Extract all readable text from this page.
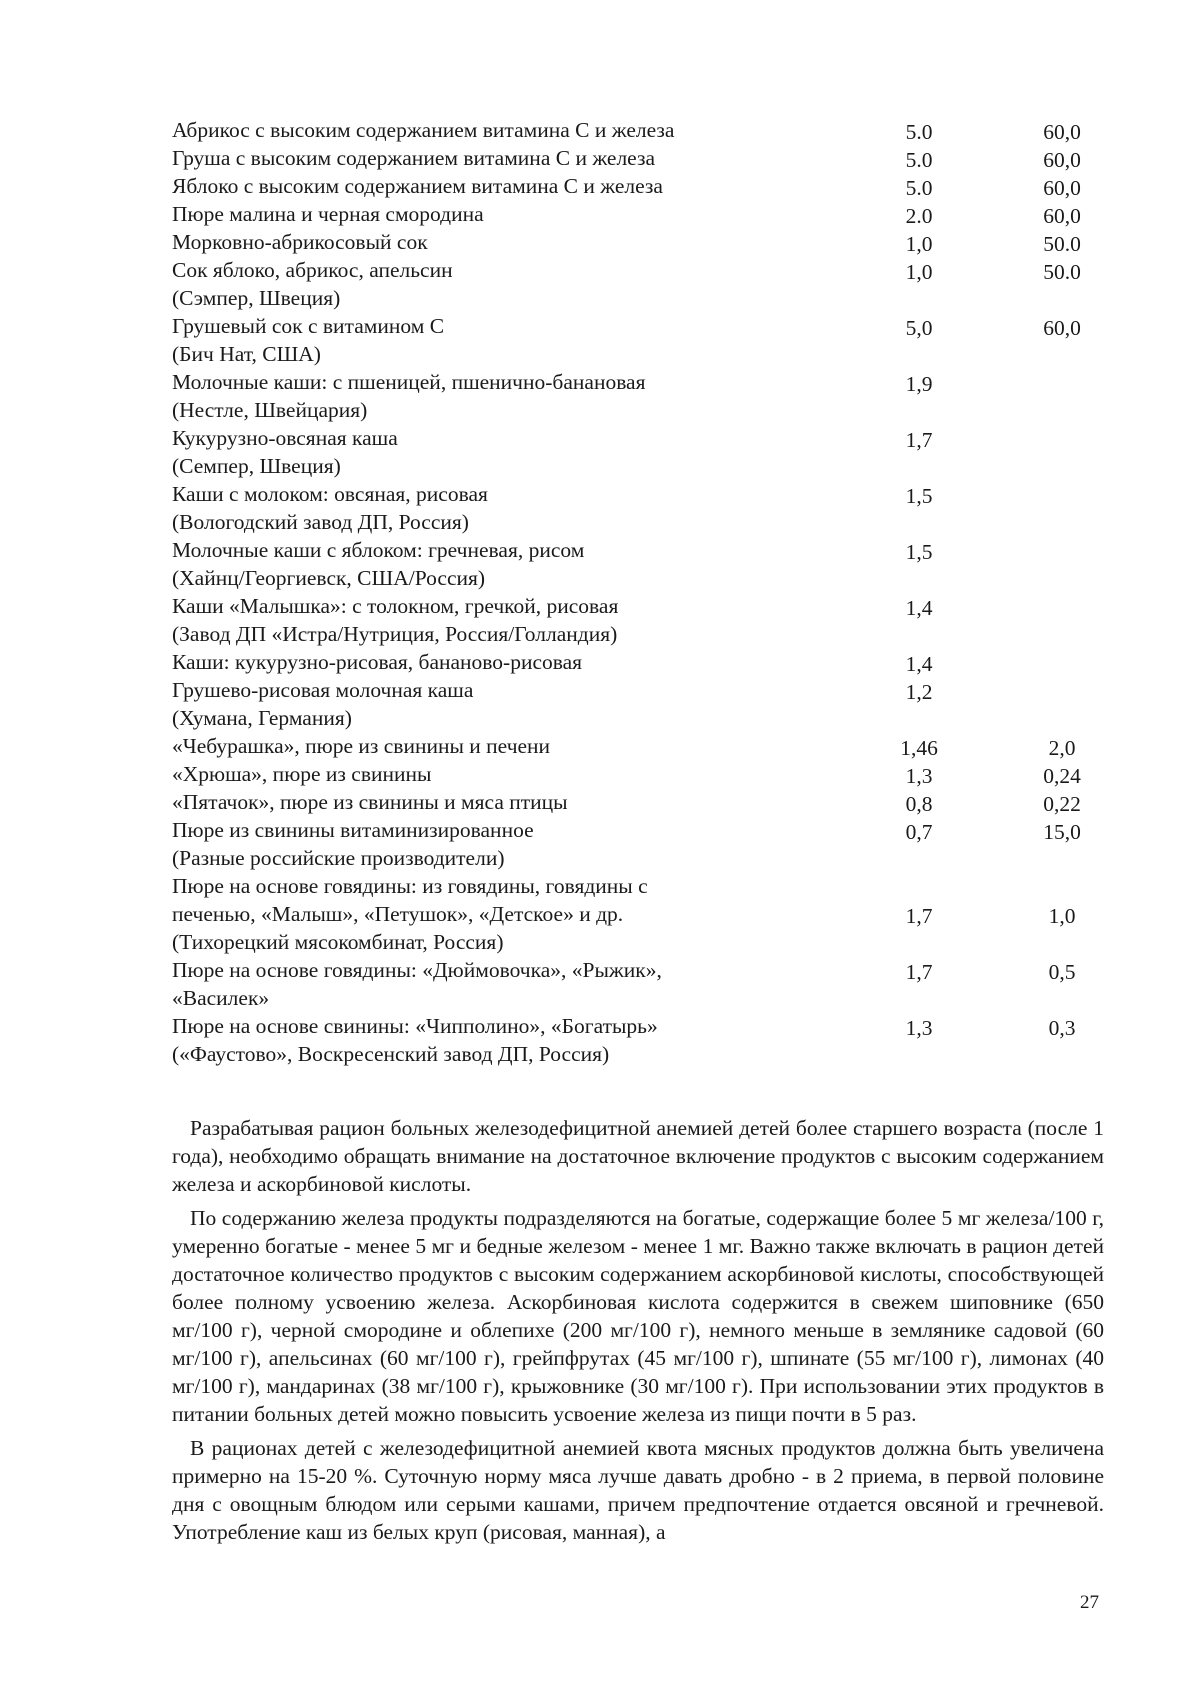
Абрикос с высоким содержанием витамина С и железа	5.0	60,0
Груша с высоким содержанием витамина С и железа	5.0	60,0
Яблоко с высоким содержанием витамина С и железа	5.0	60,0
Пюре малина и черная смородина	2.0	60,0
Морковно-абрикосовый сок	1,0	50.0
Сок яблоко, абрикос, апельсин
(Сэмпер, Швеция)
1,0	50.0
Грушевый сок с витамином С
(Бич Нат, США)
5,0	60,0
Молочные каши: с пшеницей, пшенично-банановая
(Нестле, Швейцария)
1,9
Кукурузно-овсяная каша
(Семпер, Швеция)
1,7
Каши с молоком: овсяная, рисовая
(Вологодский завод ДП, Россия)
1,5
Молочные каши с яблоком: гречневая, рисом
(Хайнц/Георгиевск, США/Россия)
1,5
Каши «Малышка»: с толокном, гречкой, рисовая
(Завод ДП «Истра/Нутриция, Россия/Голландия)
1,4
Каши: кукурузно-рисовая, бананово-рисовая	1,4
Грушево-рисовая молочная каша
(Хумана, Германия)
1,2
«Чебурашка», пюре из свинины и печени	1,46	2,0
«Хрюша», пюре из свинины	1,3	0,24
«Пятачок», пюре из свинины и мяса птицы	0,8	0,22
Пюре из свинины витаминизированное
(Разные российские производители)
0,7	15,0
Пюре на основе говядины: из говядины, говядины с
печенью, «Малыш», «Петушок», «Детское» и др.
(Тихорецкий мясокомбинат, Россия)
1,7	1,0
Пюре на основе говядины: «Дюймовочка», «Рыжик»,
«Василек»
1,7	0,5
Пюре на основе свинины: «Чипполино», «Богатырь»
(«Фаустово», Воскресенский завод ДП, Россия)
1,3	0,3

Разрабатывая рацион больных железодефицитной анемией детей более старшего возраста (после 1 года), необходимо обращать внимание на достаточное включение продуктов с высоким содержанием железа и аскорбиновой кислоты.

По содержанию железа продукты подразделяются на богатые, содержащие более 5 мг железа/100 г, умеренно богатые - менее 5 мг и бедные железом - менее 1 мг. Важно также включать в рацион детей достаточное количество продуктов с высоким содержанием аскорбиновой кислоты, способствующей более полному усвоению железа. Аскорбиновая кислота содержится в свежем шиповнике (650 мг/100 г), черной смородине и облепихе (200 мг/100 г), немного меньше в землянике садовой (60 мг/100 г), апельсинах (60 мг/100 г), грейпфрутах (45 мг/100 г), шпинате (55 мг/100 г), лимонах (40 мг/100 г), мандаринах (38 мг/100 г), крыжовнике (30 мг/100 г). При использовании этих продуктов в питании больных детей можно повысить усвоение железа из пищи почти в 5 раз.

В рационах детей с железодефицитной анемией квота мясных продуктов должна быть увеличена примерно на 15-20 %. Суточную норму мяса лучше давать дробно - в 2 приема, в первой половине дня с овощным блюдом или серыми кашами, причем предпочтение отдается овсяной и гречневой. Употребление каш из белых круп (рисовая, манная), а

27
